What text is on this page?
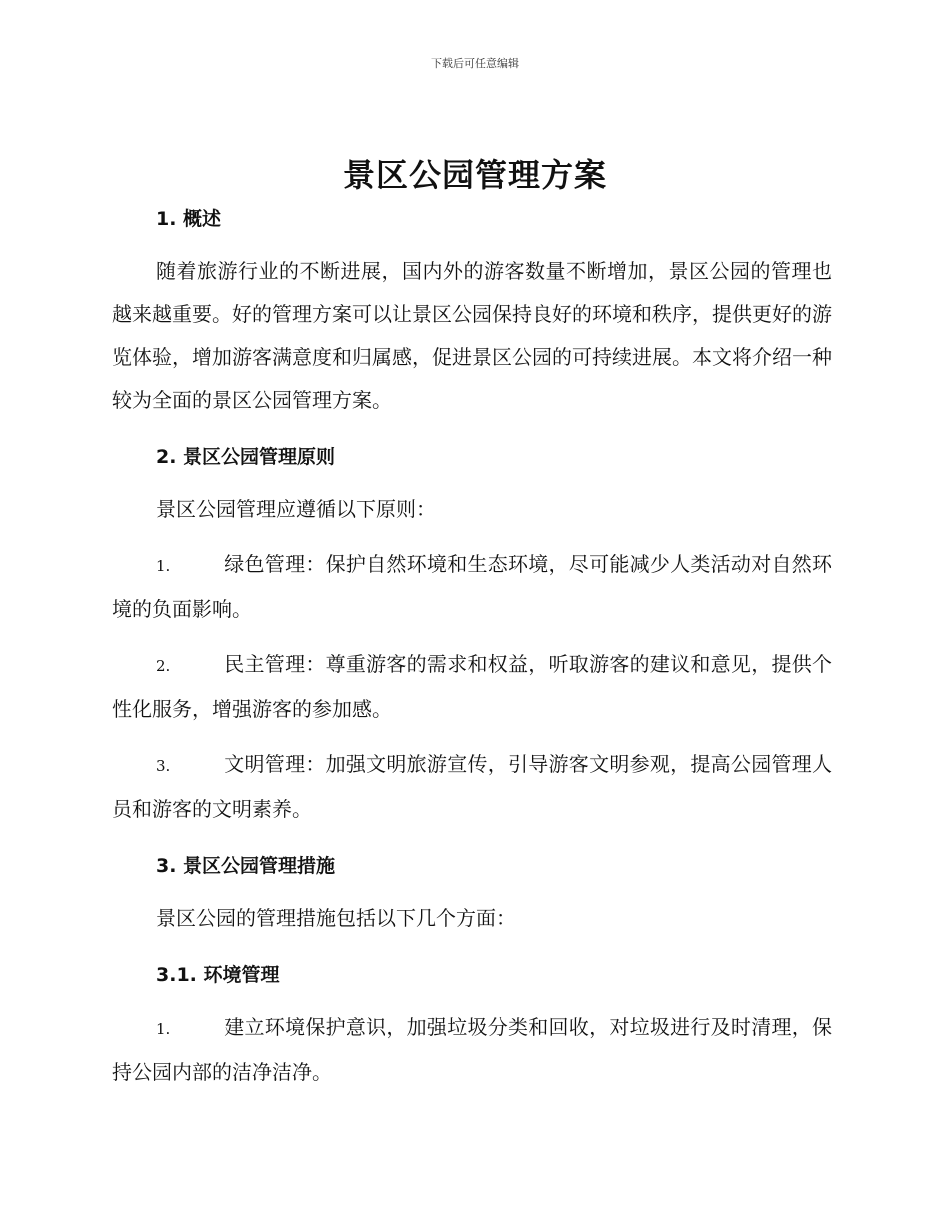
下载后可任意编辑
景区公园管理方案
1. 概述

随着旅游行业的不断进展，国内外的游客数量不断增加，景区公园的管理也越来越重要。好的管理方案可以让景区公园保持良好的环境和秩序，提供更好的游览体验，增加游客满意度和归属感，促进景区公园的可持续进展。本文将介绍一种较为全面的景区公园管理方案。

2. 景区公园管理原则

景区公园管理应遵循以下原则：

1.	绿色管理：保护自然环境和生态环境，尽可能减少人类活动对自然环境的负面影响。

2.	民主管理：尊重游客的需求和权益，听取游客的建议和意见，提供个性化服务，增强游客的参加感。

3.	文明管理：加强文明旅游宣传，引导游客文明参观，提高公园管理人员和游客的文明素养。

3. 景区公园管理措施

景区公园的管理措施包括以下几个方面：

3.1. 环境管理

1.	建立环境保护意识，加强垃圾分类和回收，对垃圾进行及时清理，保持公园内部的洁净洁净。
